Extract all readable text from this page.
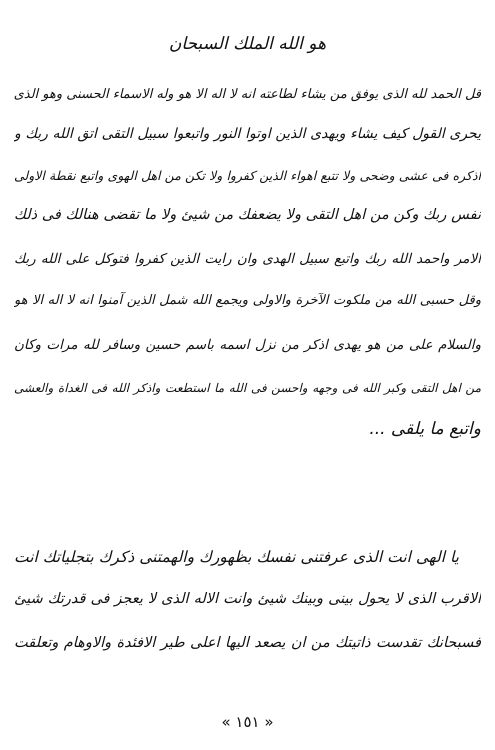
هو الله الملك السبحان
قل الحمد لله الذى يوفق من يشاء لطاعته انه لا اله الا هو وله الاسماء الحسنى وهو الذى
يحرى القول كيف يشاء ويهدى الذين اوتوا النور واتبعوا سبيل التقى اتق الله ربك و
اذكره فى عشى وضحى ولا تتبع اهواء الذين كفروا ولا تكن من اهل الهوى واتبع نقطة الاولى
نفس ربك وكن من اهل التقى ولا يضعفك من شيئ ولا ما تقضى هنالك فى ذلك
الامر واحمد الله ربك واتبع سبيل الهدى وان رايت الذين كفروا فتوكل على الله ربك
وقل حسبى الله من ملكوت الآخرة والاولى ويجمع الله شمل الذين آمنوا انه لا اله الا هو
والسلام على من هو يهدى اذكر من نزل اسمه باسم حسين وسافر لله مرات وكان
من اهل التقى وكبر الله فى وجهه واحسن فى الله ما استطعت واذكر الله فى الغداة والعشى
واتبع ما يلقى ...
يا الهى انت الذى عرفتنى نفسك بظهورك والهمتنى ذكرك بتجلياتك انت
الاقرب الذى لا يحول بينى وبينك شيئ وانت الاله الذى لا يعجز فى قدرتك شيئ
فسبحانك تقدست ذاتيتك من ان يصعد اليها اعلى طير الافئدة والاوهام وتعلقت
« ١٥١ »
